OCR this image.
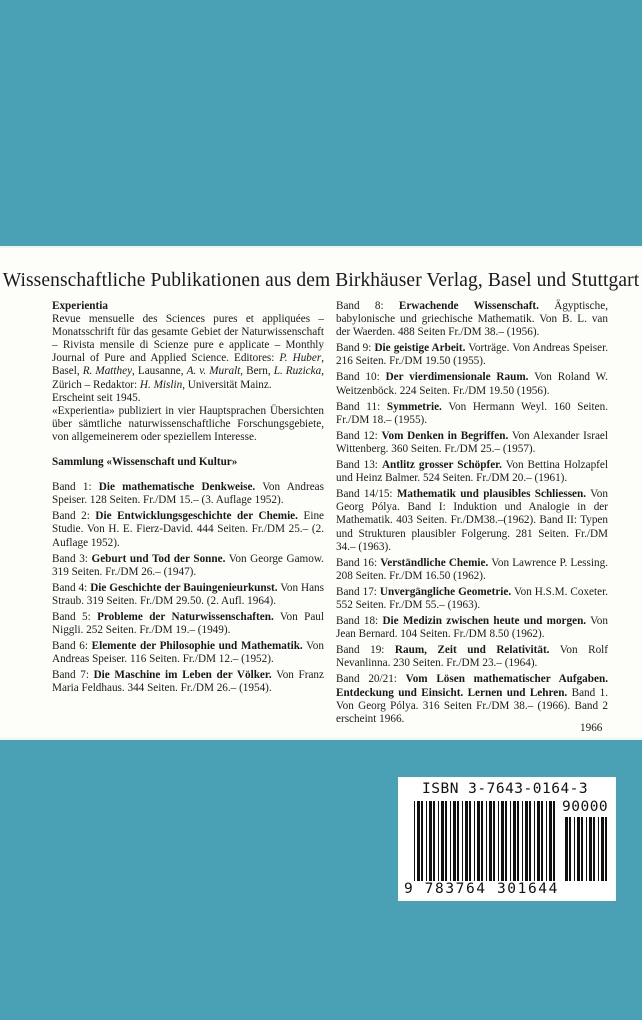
Wissenschaftliche Publikationen aus dem Birkhäuser Verlag, Basel und Stuttgart
Experientia

Revue mensuelle des Sciences pures et appliquées – Monatsschrift für das gesamte Gebiet der Naturwissenschaft – Rivista mensile di Scienze pure e applicate – Monthly Journal of Pure and Applied Science. Editores: P. Huber, Basel, R. Matthey, Lausanne, A. v. Muralt, Bern, L. Ruzicka, Zürich – Redaktor: H. Mislin, Universität Mainz.

Erscheint seit 1945.

«Experientia» publiziert in vier Hauptsprachen Übersichten über sämtliche naturwissenschaftliche Forschungsgebiete, von allgemeinerem oder speziellem Interesse.

Sammlung «Wissenschaft und Kultur»

Band 1: Die mathematische Denkweise. Von Andreas Speiser. 128 Seiten. Fr./DM 15.– (3. Auflage 1952).

Band 2: Die Entwicklungsgeschichte der Chemie. Eine Studie. Von H. E. Fierz-David. 444 Seiten. Fr./DM 25.– (2. Auflage 1952).

Band 3: Geburt und Tod der Sonne. Von George Gamow. 319 Seiten. Fr./DM 26.– (1947).

Band 4: Die Geschichte der Bauingenieurkunst. Von Hans Straub. 319 Seiten. Fr./DM 29.50. (2. Aufl. 1964).

Band 5: Probleme der Naturwissenschaften. Von Paul Niggli. 252 Seiten. Fr./DM 19.– (1949).

Band 6: Elemente der Philosophie und Mathematik. Von Andreas Speiser. 116 Seiten. Fr./DM 12.– (1952).

Band 7: Die Maschine im Leben der Völker. Von Franz Maria Feldhaus. 344 Seiten. Fr./DM 26.– (1954).

Band 8: Erwachende Wissenschaft. Ägyptische, babylonische und griechische Mathematik. Von B. L. van der Waerden. 488 Seiten Fr./DM 38.– (1956).

Band 9: Die geistige Arbeit. Vorträge. Von Andreas Speiser. 216 Seiten. Fr./DM 19.50 (1955).

Band 10: Der vierdimensionale Raum. Von Roland W. Weitzenböck. 224 Seiten. Fr./DM 19.50 (1956).

Band 11: Symmetrie. Von Hermann Weyl. 160 Seiten. Fr./DM 18.– (1955).

Band 12: Vom Denken in Begriffen. Von Alexander Israel Wittenberg. 360 Seiten. Fr./DM 25.– (1957).

Band 13: Antlitz grosser Schöpfer. Von Bettina Holzapfel und Heinz Balmer. 524 Seiten. Fr./DM 20.– (1961).

Band 14/15: Mathematik und plausibles Schliessen. Von Georg Pólya. Band I: Induktion und Analogie in der Mathematik. 403 Seiten. Fr./DM38.–(1962). Band II: Typen und Strukturen plausibler Folgerung. 281 Seiten. Fr./DM 34.– (1963).

Band 16: Verständliche Chemie. Von Lawrence P. Lessing. 208 Seiten. Fr./DM 16.50 (1962).

Band 17: Unvergängliche Geometrie. Von H.S.M. Coxeter. 552 Seiten. Fr./DM 55.– (1963).

Band 18: Die Medizin zwischen heute und morgen. Von Jean Bernard. 104 Seiten. Fr./DM 8.50 (1962).

Band 19: Raum, Zeit und Relativität. Von Rolf Nevanlinna. 230 Seiten. Fr./DM 23.– (1964).

Band 20/21: Vom Lösen mathematischer Aufgaben. Entdeckung und Einsicht. Lernen und Lehren. Band 1. Von Georg Pólya. 316 Seiten Fr./DM 38.– (1966). Band 2 erscheint 1966.

1966
ISBN 3-7643-0164-3
90000
9 783764 301644
